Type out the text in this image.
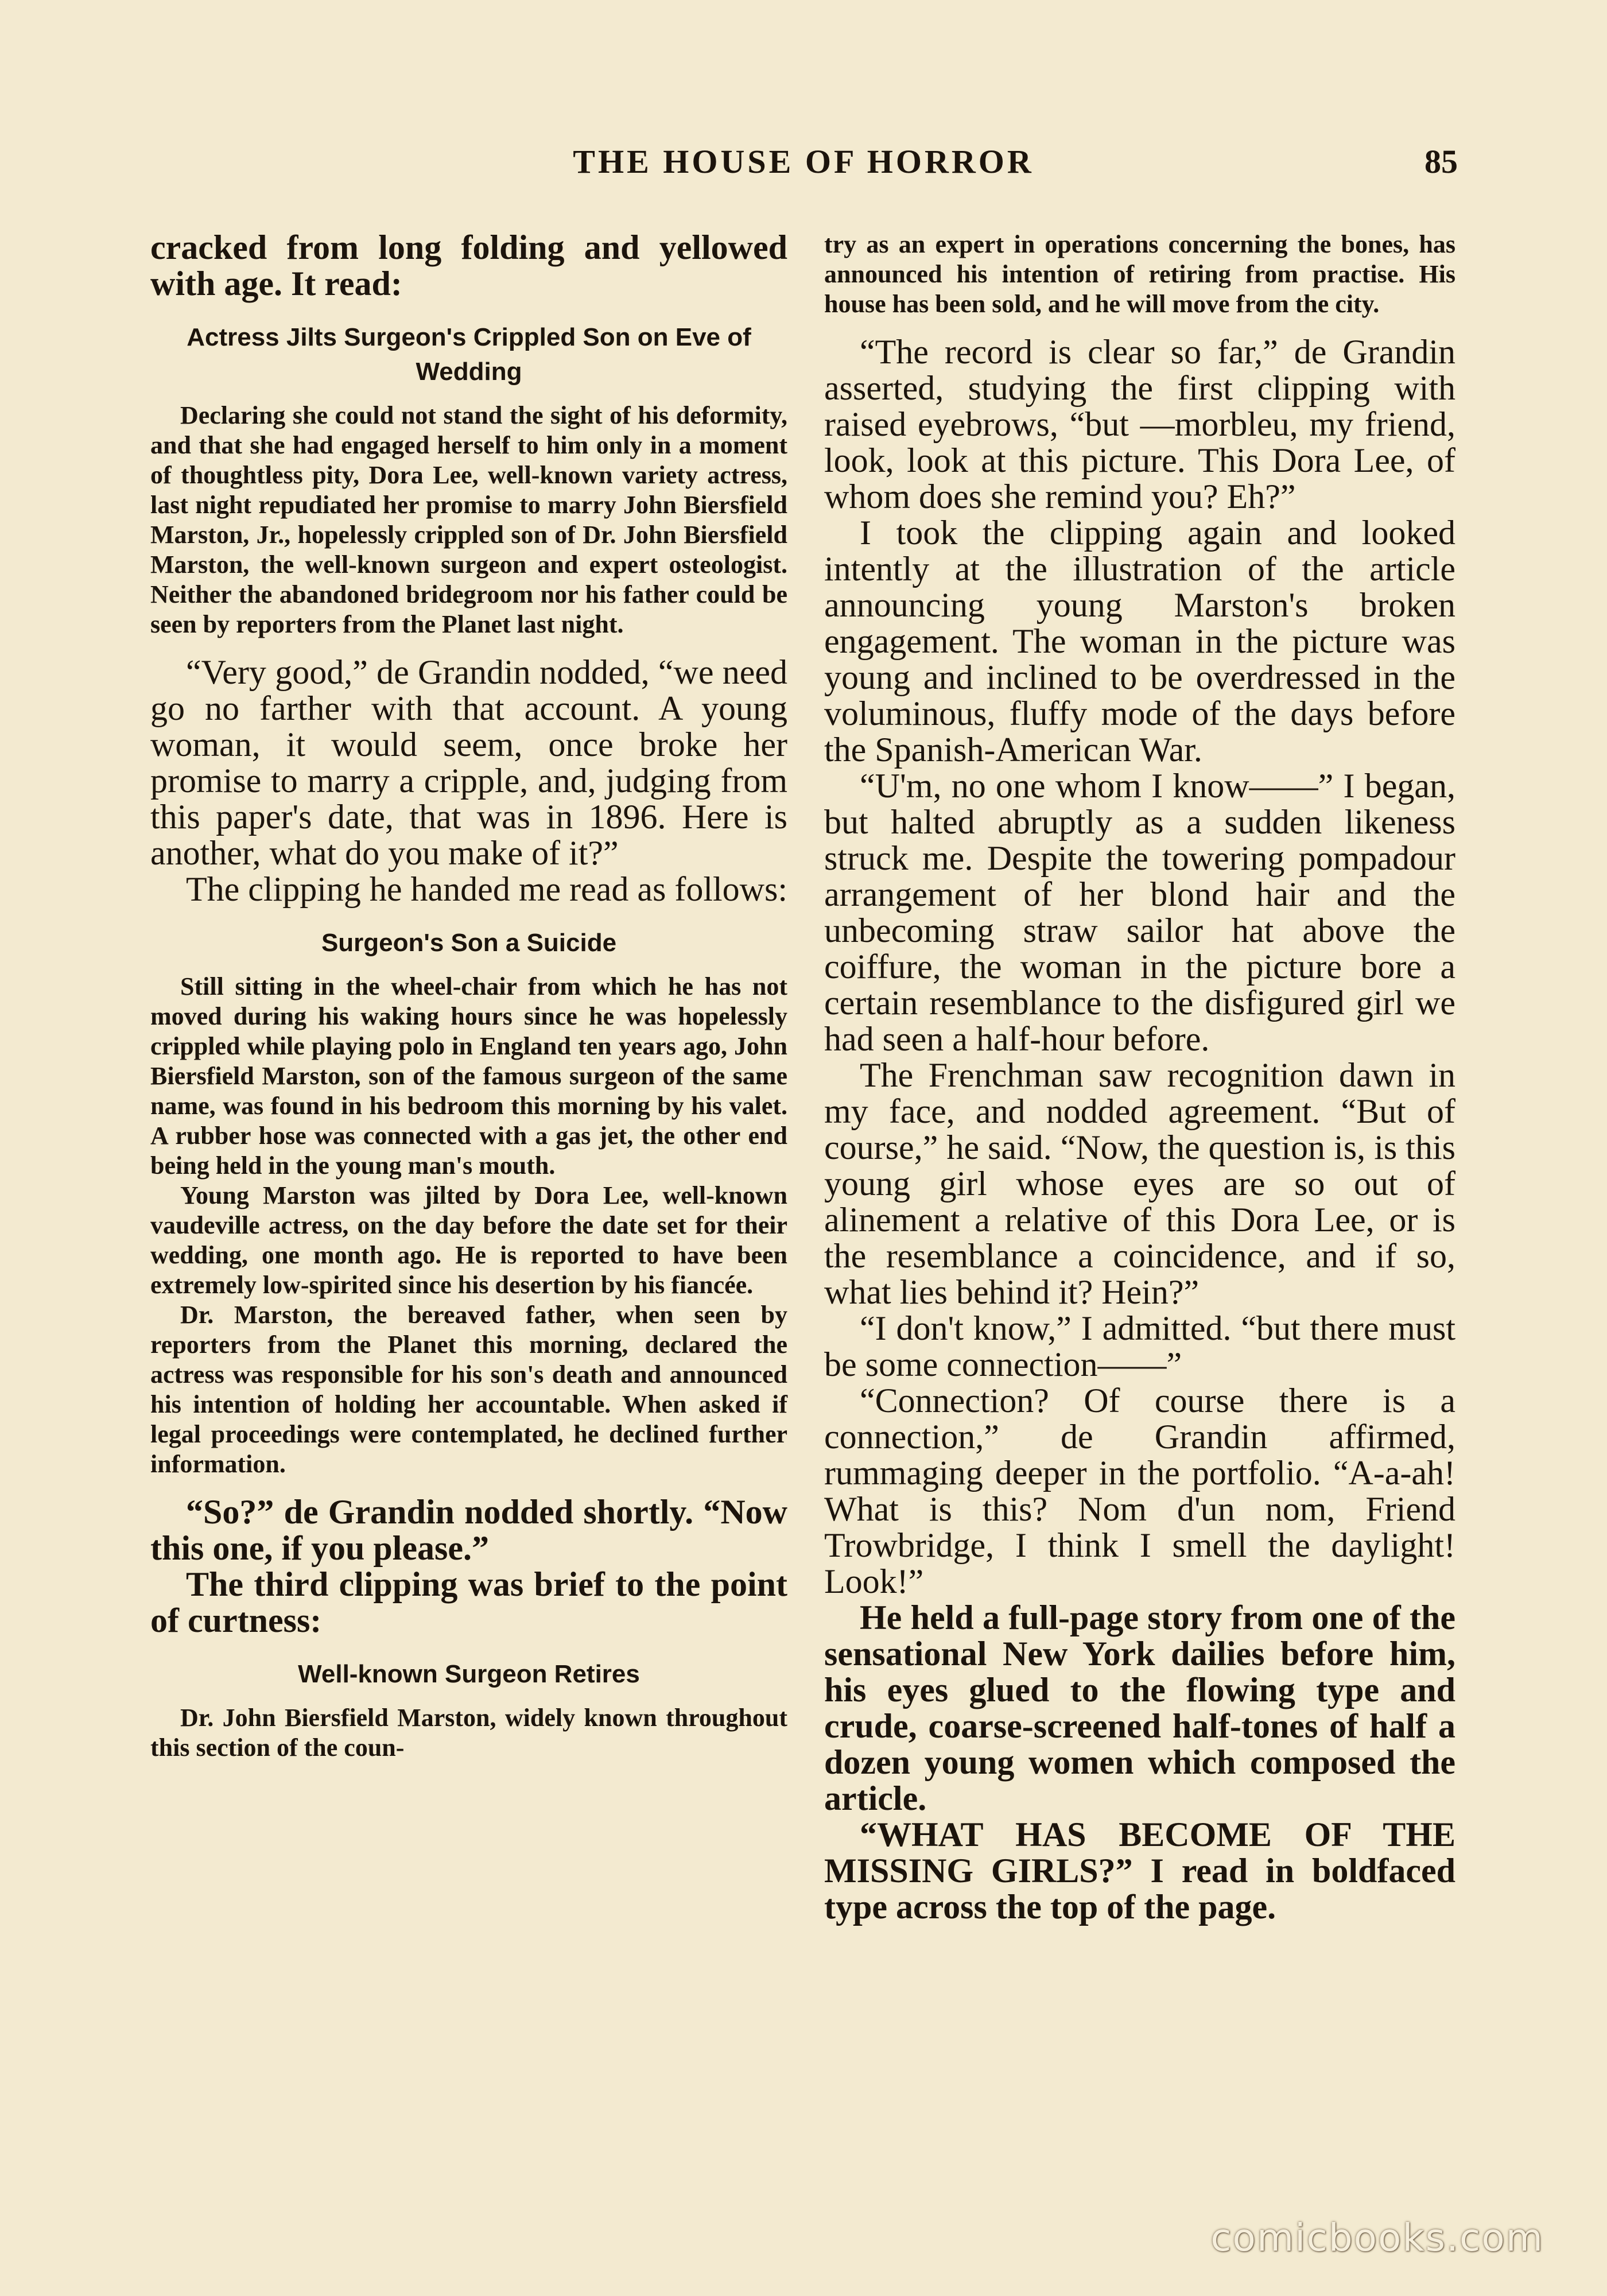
THE HOUSE OF HORROR	85

cracked from long folding and yellowed with age. It read:

Actress Jilts Surgeon's Crippled Son on Eve of Wedding

Declaring she could not stand the sight of his deformity, and that she had engaged herself to him only in a moment of thoughtless pity, Dora Lee, well-known variety actress, last night repudiated her promise to marry John Biersfield Marston, Jr., hopelessly crippled son of Dr. John Biersfield Marston, the well-known surgeon and expert osteologist. Neither the abandoned bridegroom nor his father could be seen by reporters from the Planet last night.

“Very good,” de Grandin nodded, “we need go no farther with that account. A young woman, it would seem, once broke her promise to marry a cripple, and, judging from this paper's date, that was in 1896. Here is another, what do you make of it?”

The clipping he handed me read as follows:

Surgeon's Son a Suicide

Still sitting in the wheel-chair from which he has not moved during his waking hours since he was hopelessly crippled while playing polo in England ten years ago, John Biersfield Marston, son of the famous surgeon of the same name, was found in his bedroom this morning by his valet. A rubber hose was connected with a gas jet, the other end being held in the young man's mouth.

Young Marston was jilted by Dora Lee, well-known vaudeville actress, on the day before the date set for their wedding, one month ago. He is reported to have been extremely low-spirited since his desertion by his fiancée.

Dr. Marston, the bereaved father, when seen by reporters from the Planet this morning, declared the actress was responsible for his son's death and announced his intention of holding her accountable. When asked if legal proceedings were contemplated, he declined further information.

“So?” de Grandin nodded shortly. “Now this one, if you please.”

The third clipping was brief to the point of curtness:

Well-known Surgeon Retires

Dr. John Biersfield Marston, widely known throughout this section of the coun-

try as an expert in operations concerning the bones, has announced his intention of retiring from practise. His house has been sold, and he will move from the city.

“The record is clear so far,” de Grandin asserted, studying the first clipping with raised eyebrows, “but —morbleu, my friend, look, look at this picture. This Dora Lee, of whom does she remind you? Eh?”

I took the clipping again and looked intently at the illustration of the article announcing young Marston's broken engagement. The woman in the picture was young and inclined to be overdressed in the voluminous, fluffy mode of the days before the Spanish-American War.

“U'm, no one whom I know——” I began, but halted abruptly as a sudden likeness struck me. Despite the towering pompadour arrangement of her blond hair and the unbecoming straw sailor hat above the coiffure, the woman in the picture bore a certain resemblance to the disfigured girl we had seen a half-hour before.

The Frenchman saw recognition dawn in my face, and nodded agreement. “But of course,” he said. “Now, the question is, is this young girl whose eyes are so out of alinement a relative of this Dora Lee, or is the resemblance a coincidence, and if so, what lies behind it? Hein?”

“I don't know,” I admitted. “but there must be some connection——”

“Connection? Of course there is a connection,” de Grandin affirmed, rummaging deeper in the portfolio. “A-a-ah! What is this? Nom d'un nom, Friend Trowbridge, I think I smell the daylight! Look!”

He held a full-page story from one of the sensational New York dailies before him, his eyes glued to the flowing type and crude, coarse-screened half-tones of half a dozen young women which composed the article.

“WHAT HAS BECOME OF THE MISSING GIRLS?” I read in boldfaced type across the top of the page.

comicbooks.com
